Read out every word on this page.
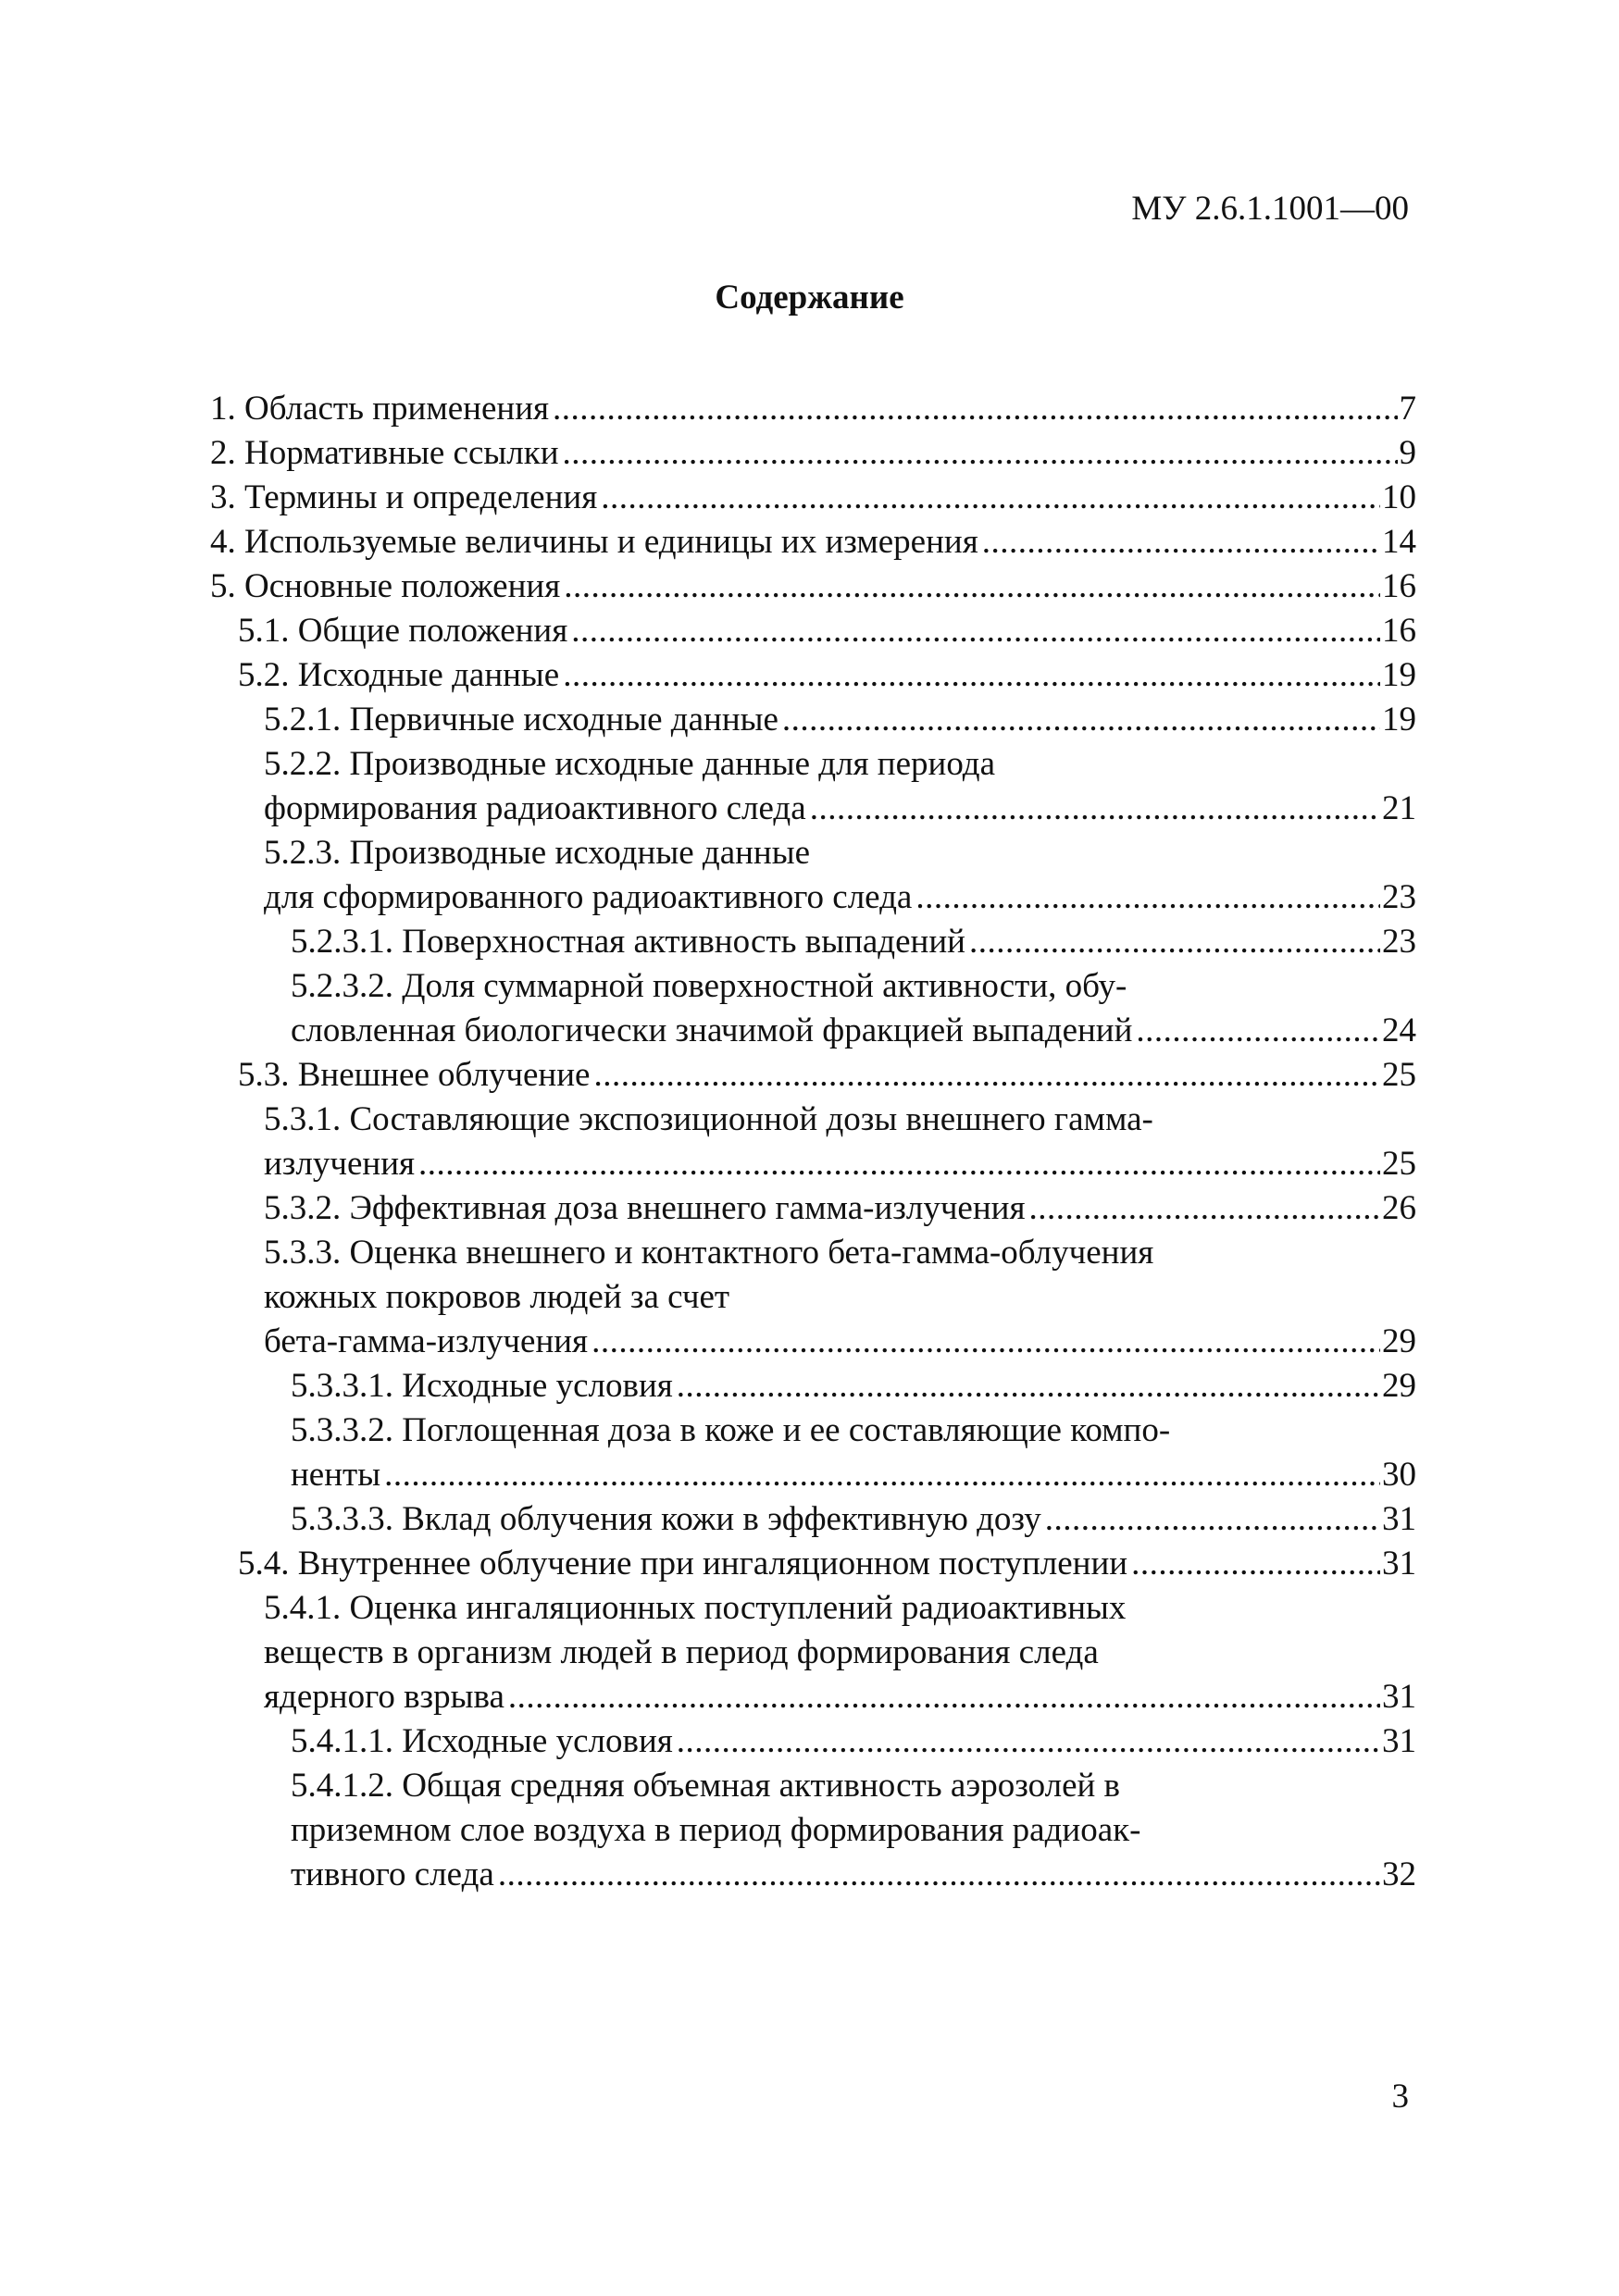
МУ 2.6.1.1001—00
Содержание
1. Область применения .....	7
2. Нормативные ссылки .....	9
3. Термины и определения .....	10
4. Используемые величины и единицы их измерения .....	14
5. Основные положения .....	16
5.1. Общие положения .....	16
5.2. Исходные данные .....	19
5.2.1. Первичные исходные данные .....	19
5.2.2. Производные исходные данные для периода
формирования радиоактивного следа .....	21
5.2.3. Производные исходные данные
для сформированного радиоактивного следа .....	23
5.2.3.1. Поверхностная активность выпадений .....	23
5.2.3.2. Доля суммарной поверхностной активности, обу-
словленная биологически значимой фракцией выпадений .....	24
5.3. Внешнее облучение .....	25
5.3.1. Составляющие экспозиционной дозы внешнего гамма-
излучения .....	25
5.3.2. Эффективная доза внешнего гамма-излучения .....	26
5.3.3. Оценка внешнего и контактного бета-гамма-облучения
кожных покровов людей за счет
бета-гамма-излучения .....	29
5.3.3.1. Исходные условия .....	29
5.3.3.2. Поглощенная доза в коже и ее составляющие компо-
ненты .....	30
5.3.3.3. Вклад облучения кожи в эффективную дозу .....	31
5.4. Внутреннее облучение при ингаляционном поступлении .....	31
5.4.1. Оценка ингаляционных поступлений радиоактивных
веществ в организм людей в период формирования следа
ядерного взрыва .....	31
5.4.1.1. Исходные условия .....	31
5.4.1.2. Общая средняя объемная активность аэрозолей в
приземном слое воздуха в период формирования радиоак-
тивного следа .....	32
3
